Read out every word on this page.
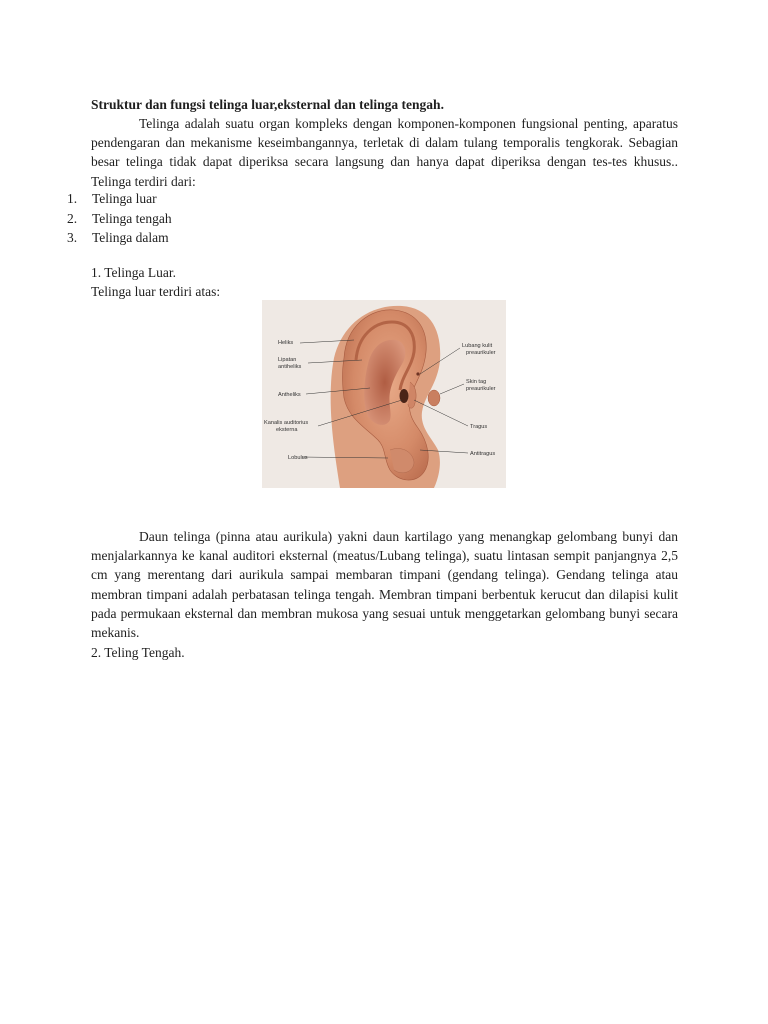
Struktur dan fungsi telinga luar,eksternal dan telinga tengah.
Telinga adalah suatu organ kompleks dengan komponen-komponen fungsional penting, aparatus pendengaran dan mekanisme keseimbangannya, terletak di dalam tulang temporalis tengkorak. Sebagian besar telinga tidak dapat diperiksa secara langsung dan hanya dapat diperiksa dengan tes-tes khusus.. Telinga terdiri dari:
1. Telinga luar
2. Telinga tengah
3. Telinga dalam
1. Telinga Luar.
Telinga luar terdiri atas:
Heliks
Lipatan
antiheliks
Antheliks
Kanalis auditorius
eksterna
Lobulus
Lubang kulit
preaurikuler
Skin tag
preaurikuler
Tragus
Antitragus
Daun telinga (pinna atau aurikula) yakni daun kartilago yang menangkap gelombang bunyi dan menjalarkannya ke kanal auditori eksternal (meatus/Lubang telinga), suatu lintasan sempit panjangnya 2,5 cm yang merentang dari aurikula sampai membaran timpani (gendang telinga). Gendang telinga atau membran timpani adalah perbatasan telinga tengah. Membran timpani berbentuk kerucut dan dilapisi kulit pada permukaan eksternal dan membran mukosa yang sesuai untuk menggetarkan gelombang bunyi secara mekanis.
2. Teling Tengah.
